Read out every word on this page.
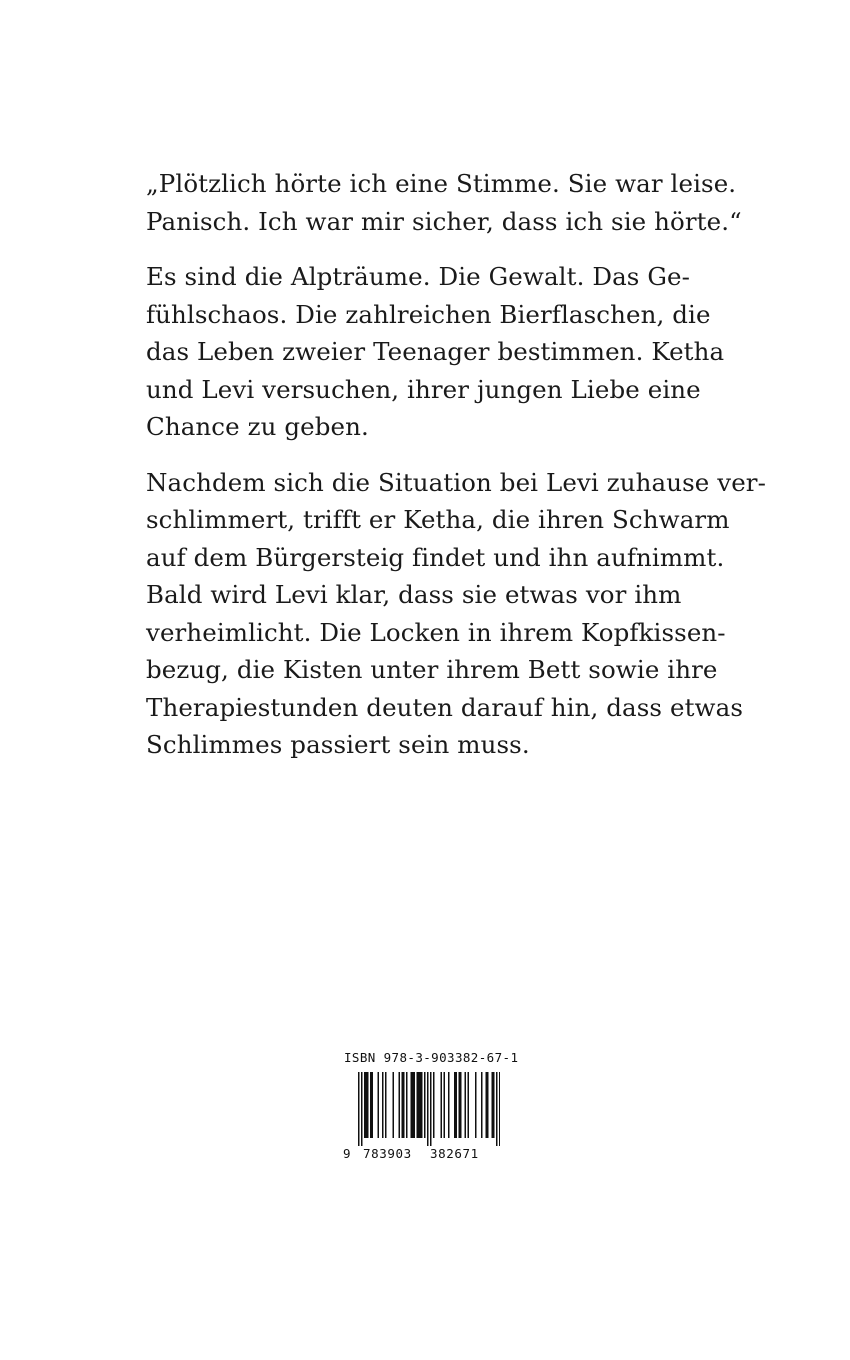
„Plötzlich hörte ich eine Stimme. Sie war leise.
Panisch. Ich war mir sicher, dass ich sie hörte.“

Es sind die Alpträume. Die Gewalt. Das Ge-
fühlschaos. Die zahlreichen Bierflaschen, die
das Leben zweier Teenager bestimmen. Ketha
und Levi versuchen, ihrer jungen Liebe eine
Chance zu geben.

Nachdem sich die Situation bei Levi zuhause ver-
schlimmert, trifft er Ketha, die ihren Schwarm
auf dem Bürgersteig findet und ihn aufnimmt.
Bald wird Levi klar, dass sie etwas vor ihm
verheimlicht. Die Locken in ihrem Kopfkissen-
bezug, die Kisten unter ihrem Bett sowie ihre
Therapiestunden deuten darauf hin, dass etwas
Schlimmes passiert sein muss.

ISBN 978-3-903382-67-1
9 783903 382671
